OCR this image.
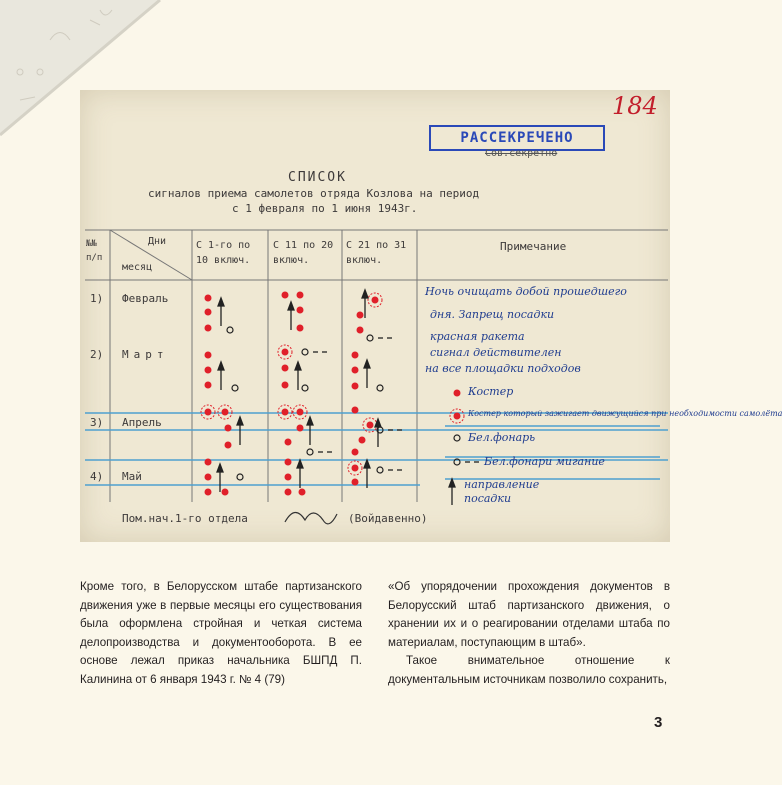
184
РАССЕКРЕЧЕНО
Сов.секретно
СПИСОК
сигналов приема самолетов отряда Козлова на период
с 1 февраля по 1 июня 1943г.
№№ п/п
Дни
месяц
С 1-го по 10 включ.
С 11 по 20 включ.
С 21 по 31 включ.
Примечание
1) Февраль
2) Март
3) Апрель
4) Май
Ночь очищать добой прошедшего
дня. Запрещ посадки
красная ракета
сигнал действителен
на все площадки подходов
Костер
Костер который зажигает движущийся при необходимости самолёта
Бел.фонарь
Бел.фонари мигание
направление посадки
Пом.нач.1-го отдела	(Войдавенно)

Кроме того, в Белорусском штабе партизанского движения уже в первые месяцы его существования была оформлена стройная и четкая система делопроизводства и документооборота. В ее основе лежал приказ начальника БШПД П. Калинина от 6 января 1943 г. № 4 (79)

«Об упорядочении прохождения документов в Белорусский штаб партизанского движения, о хранении их и о реагировании отделами штаба по материалам, поступающим в штаб».

Такое внимательное отношение к документальным источникам позволило сохранить,

3
